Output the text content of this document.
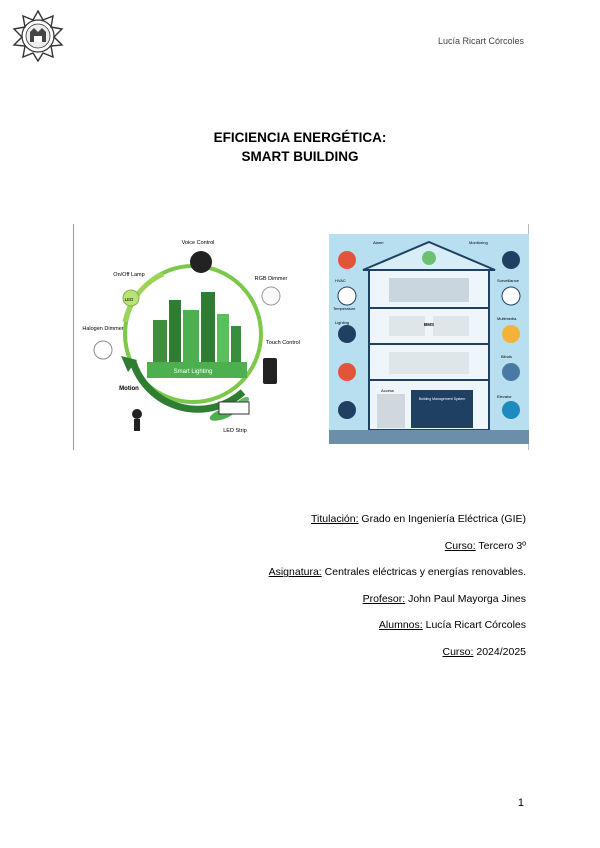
Lucía Ricart Córcoles
EFICIENCIA ENERGÉTICA:
SMART BUILDING
Voice Control
On/Off Lamp
LED
RGB Dimmer
Halogen Dimmer
Touch Control
Motion
LED Strip
Smart Lighting
Alarm	Monitoring
HVAC	Surveillance
Temperature
Multimedia
Lighting
Blinds
BMS
Building Management System
Access
Elevator
Titulación: Grado en Ingeniería Eléctrica (GIE)
Curso: Tercero 3º
Asignatura: Centrales eléctricas y energías renovables.
Profesor: John Paul Mayorga Jines
Alumnos: Lucía Ricart Córcoles
Curso: 2024/2025
1
